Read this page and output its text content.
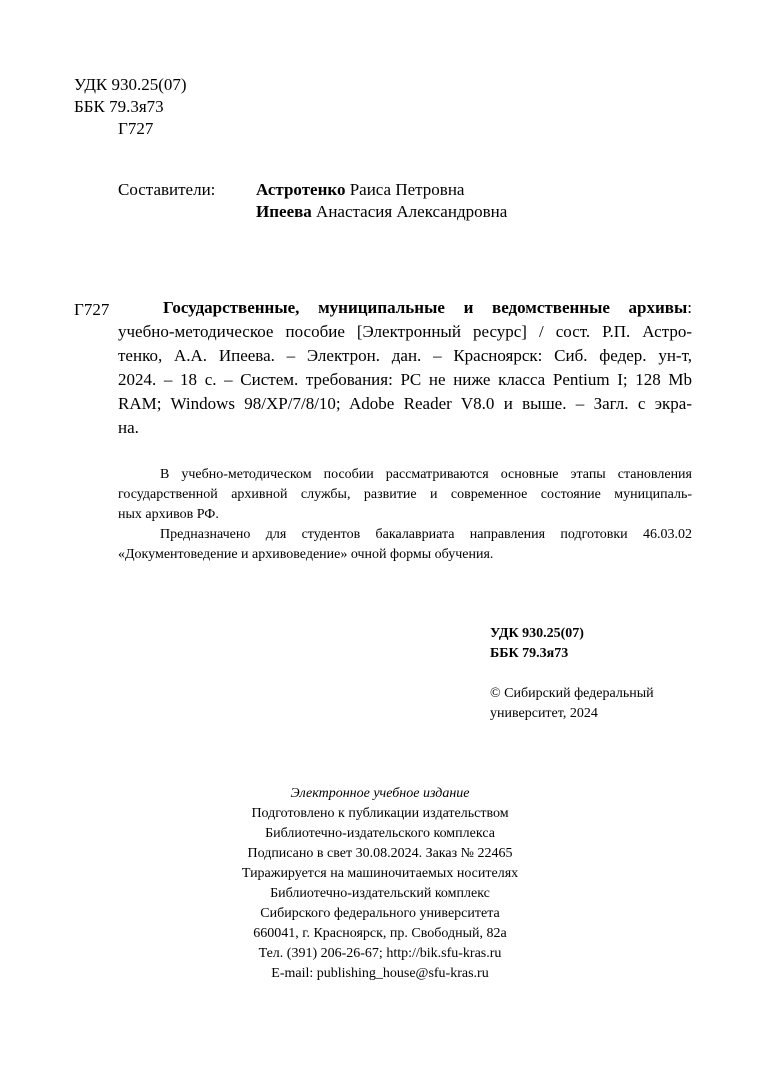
УДК 930.25(07)
ББК 79.3я73
Г727
Составители: Астротенко Раиса Петровна
Ипеева Анастасия Александровна
Г727	Государственные, муниципальные и ведомственные архивы:
учебно-методическое пособие [Электронный ресурс] / сост. Р.П. Астро-
тенко, А.А. Ипеева. – Электрон. дан. – Красноярск: Сиб. федер. ун-т,
2024. – 18 с. – Систем. требования: PC не ниже класса Pentium I; 128 Mb
RAM; Windows 98/XP/7/8/10; Adobe Reader V8.0 и выше. – Загл. с экра-
на.
В учебно-методическом пособии рассматриваются основные этапы становления
государственной архивной службы, развитие и современное состояние муниципаль-
ных архивов РФ.
Предназначено для студентов бакалавриата направления подготовки 46.03.02
«Документоведение и архивоведение» очной формы обучения.
УДК 930.25(07)
ББК 79.3я73
© Сибирский федеральный
университет, 2024
Электронное учебное издание
Подготовлено к публикации издательством
Библиотечно-издательского комплекса
Подписано в свет 30.08.2024. Заказ № 22465
Тиражируется на машиночитаемых носителях
Библиотечно-издательский комплекс
Сибирского федерального университета
660041, г. Красноярск, пр. Свободный, 82а
Тел. (391) 206-26-67; http://bik.sfu-kras.ru
E-mail: publishing_house@sfu-kras.ru
